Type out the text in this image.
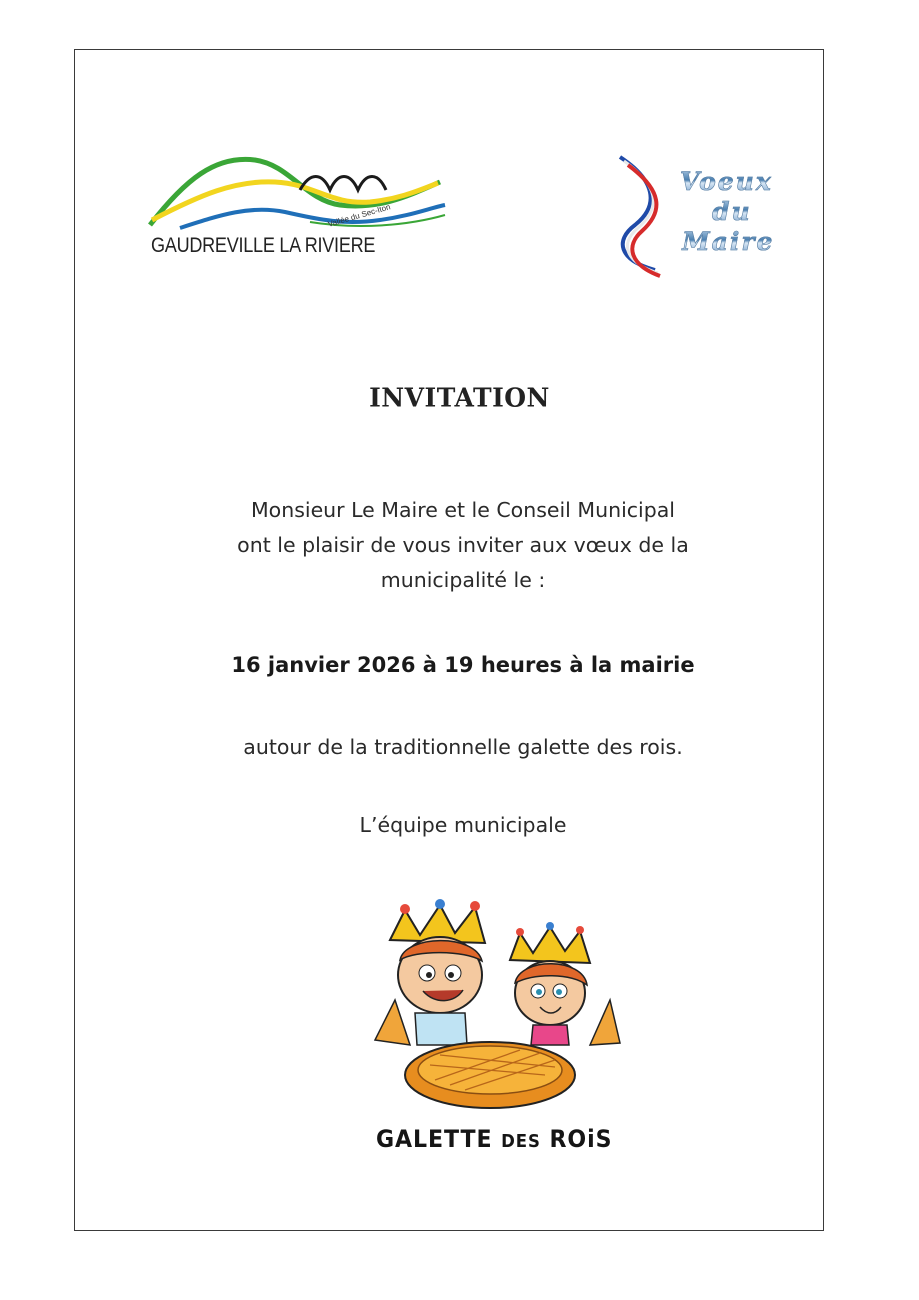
Vallée du Sec-Iton
GAUDREVILLE LA RIVIERE
Voeux
du
Maire
INVITATION
Monsieur Le Maire et le Conseil Municipal
ont le plaisir de vous inviter aux vœux de la
municipalité le :
16 janvier 2026 à 19 heures à la mairie
autour de la traditionnelle galette des rois.
L’équipe municipale
GALETTE DES ROiS
